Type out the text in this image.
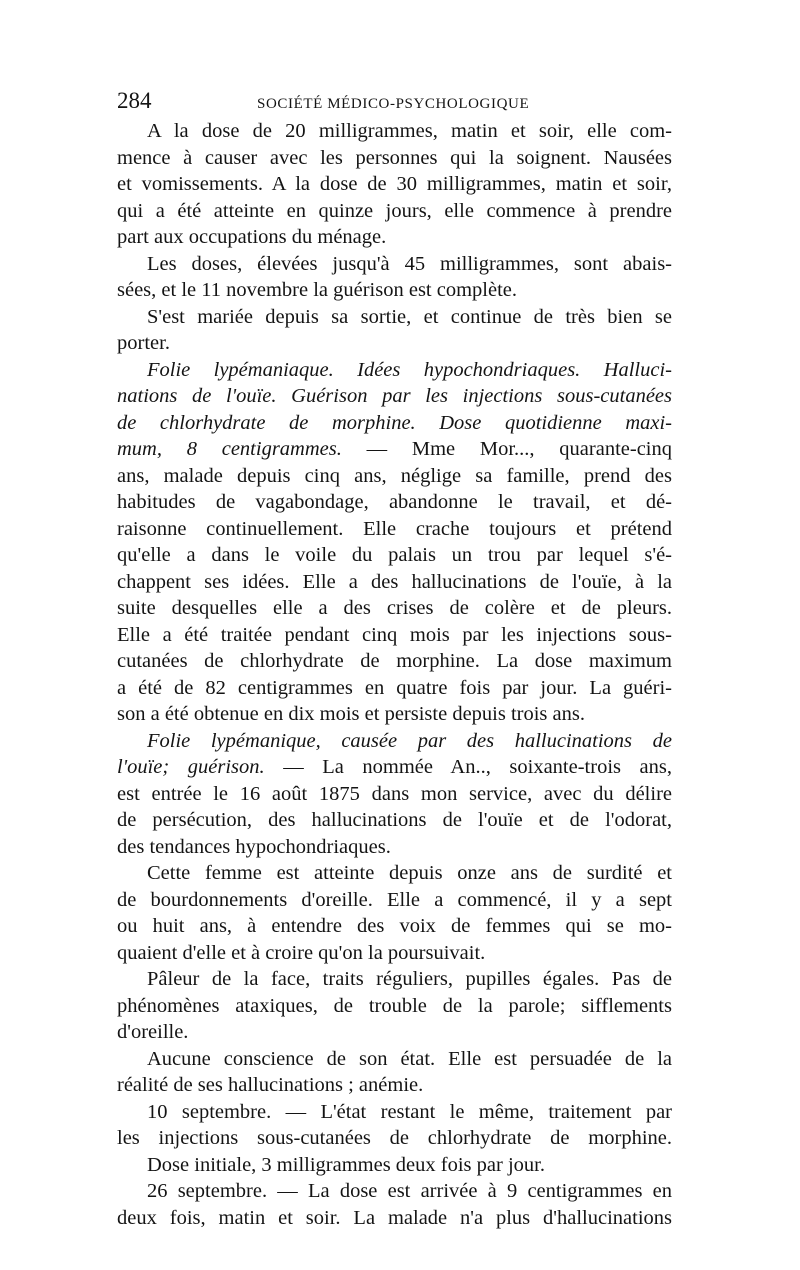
284	SOCIÉTÉ MÉDICO-PSYCHOLOGIQUE
A la dose de 20 milligrammes, matin et soir, elle com-
mence à causer avec les personnes qui la soignent. Nausées
et vomissements. A la dose de 30 milligrammes, matin et soir,
qui a été atteinte en quinze jours, elle commence à prendre
part aux occupations du ménage.
Les doses, élevées jusqu'à 45 milligrammes, sont abais-
sées, et le 11 novembre la guérison est complète.
S'est mariée depuis sa sortie, et continue de très bien se
porter.
Folie lypémaniaque. Idées hypochondriaques. Halluci-
nations de l'ouïe. Guérison par les injections sous-cutanées
de chlorhydrate de morphine. Dose quotidienne maxi-
mum, 8 centigrammes. — Mme Mor..., quarante-cinq
ans, malade depuis cinq ans, néglige sa famille, prend des
habitudes de vagabondage, abandonne le travail, et dé-
raisonne continuellement. Elle crache toujours et prétend
qu'elle a dans le voile du palais un trou par lequel s'é-
chappent ses idées. Elle a des hallucinations de l'ouïe, à la
suite desquelles elle a des crises de colère et de pleurs.
Elle a été traitée pendant cinq mois par les injections sous-
cutanées de chlorhydrate de morphine. La dose maximum
a été de 82 centigrammes en quatre fois par jour. La guéri-
son a été obtenue en dix mois et persiste depuis trois ans.
Folie lypémanique, causée par des hallucinations de
l'ouïe; guérison. — La nommée An.., soixante-trois ans,
est entrée le 16 août 1875 dans mon service, avec du délire
de persécution, des hallucinations de l'ouïe et de l'odorat,
des tendances hypochondriaques.
Cette femme est atteinte depuis onze ans de surdité et
de bourdonnements d'oreille. Elle a commencé, il y a sept
ou huit ans, à entendre des voix de femmes qui se mo-
quaient d'elle et à croire qu'on la poursuivait.
Pâleur de la face, traits réguliers, pupilles égales. Pas de
phénomènes ataxiques, de trouble de la parole; sifflements
d'oreille.
Aucune conscience de son état. Elle est persuadée de la
réalité de ses hallucinations ; anémie.
10 septembre. — L'état restant le même, traitement par
les injections sous-cutanées de chlorhydrate de morphine.
Dose initiale, 3 milligrammes deux fois par jour.
26 septembre. — La dose est arrivée à 9 centigrammes en
deux fois, matin et soir. La malade n'a plus d'hallucinations
